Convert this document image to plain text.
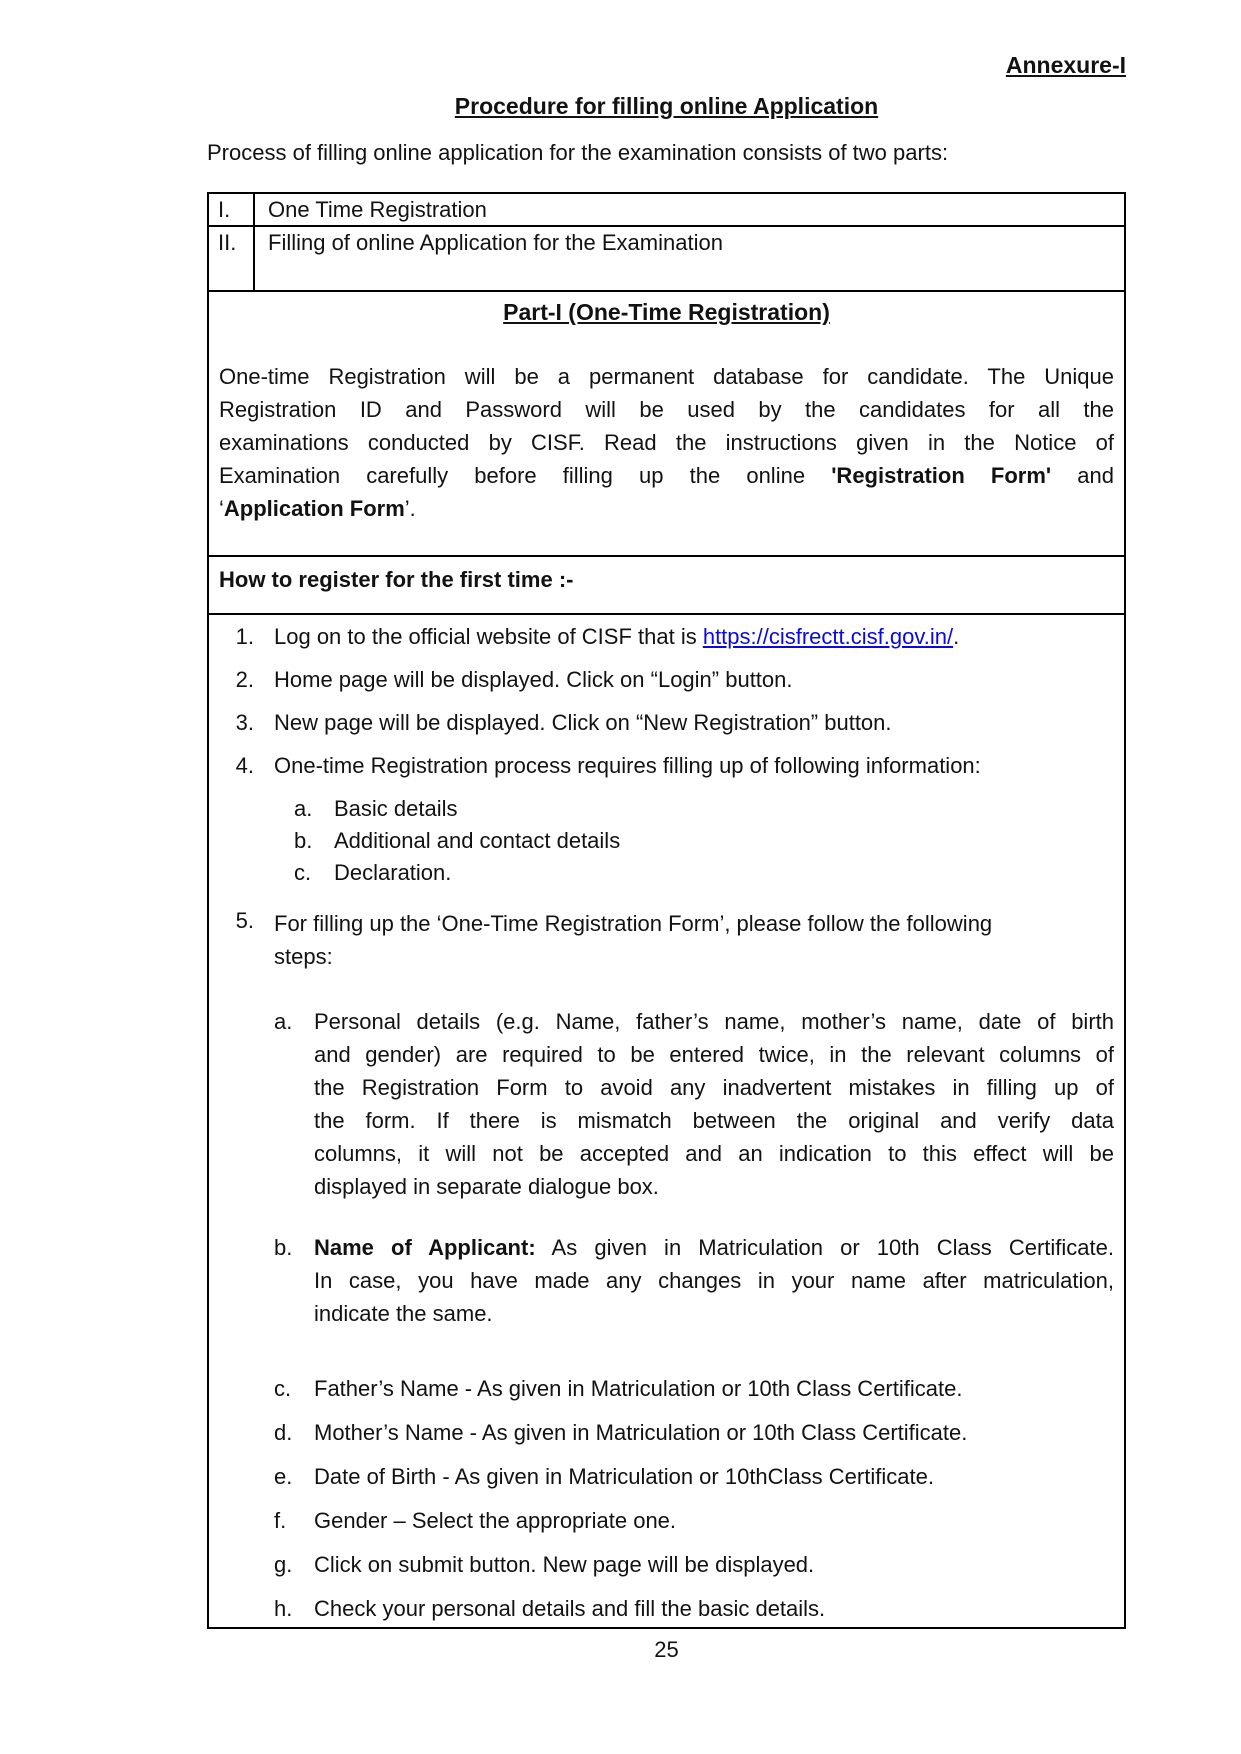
Annexure-I
Procedure for filling online Application
Process of filling online application for the examination consists of two parts:
I.	One Time Registration
II.	Filling of online Application for the Examination
Part-I (One-Time Registration)
One-time Registration will be a permanent database for candidate. The Unique
Registration ID and Password will be used by the candidates for all the
examinations conducted by CISF. Read the instructions given in the Notice of
Examination carefully before filling up the online 'Registration Form' and
‘Application Form’.
How to register for the first time :-
1. Log on to the official website of CISF that is https://cisfrectt.cisf.gov.in/.
2. Home page will be displayed. Click on “Login” button.
3. New page will be displayed. Click on “New Registration” button.
4. One-time Registration process requires filling up of following information:
a. Basic details
b. Additional and contact details
c.	Declaration.
5. For filling up the ‘One-Time Registration Form’, please follow the following
steps:
a. Personal details (e.g. Name, father’s name, mother’s name, date of birth
and gender) are required to be entered twice, in the relevant columns of
the Registration Form to avoid any inadvertent mistakes in filling up of
the form. If there is mismatch between the original and verify data
columns, it will not be accepted and an indication to this effect will be
displayed in separate dialogue box.
b. Name of Applicant: As given in Matriculation or 10th Class Certificate.
In case, you have made any changes in your name after matriculation,
indicate the same.
c.	Father’s Name - As given in Matriculation or 10th Class Certificate.
d. Mother’s Name - As given in Matriculation or 10th Class Certificate.
e. Date of Birth - As given in Matriculation or 10thClass Certificate.
f.	Gender – Select the appropriate one.
g. Click on submit button. New page will be displayed.
h. Check your personal details and fill the basic details.
25
